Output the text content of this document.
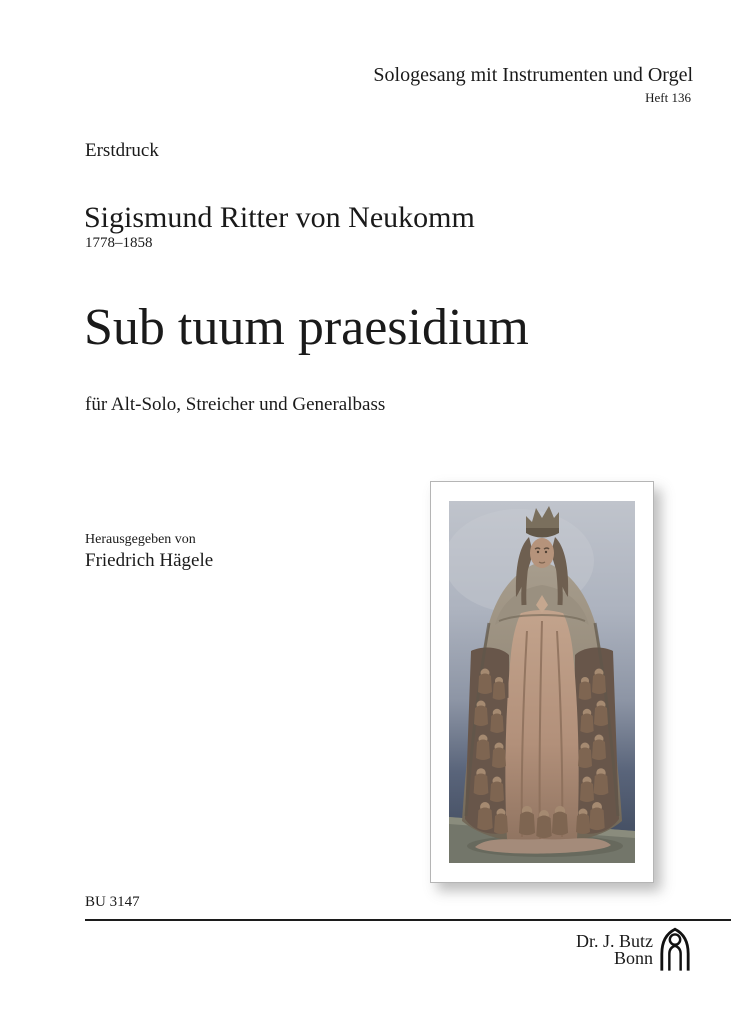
Sologesang mit Instrumenten und Orgel
Heft 136
Erstdruck
Sigismund Ritter von Neukomm
1778–1858
Sub tuum praesidium
für Alt-Solo, Streicher und Generalbass
Herausgegeben von
Friedrich Hägele
BU 3147
Dr. J. Butz
Bonn
